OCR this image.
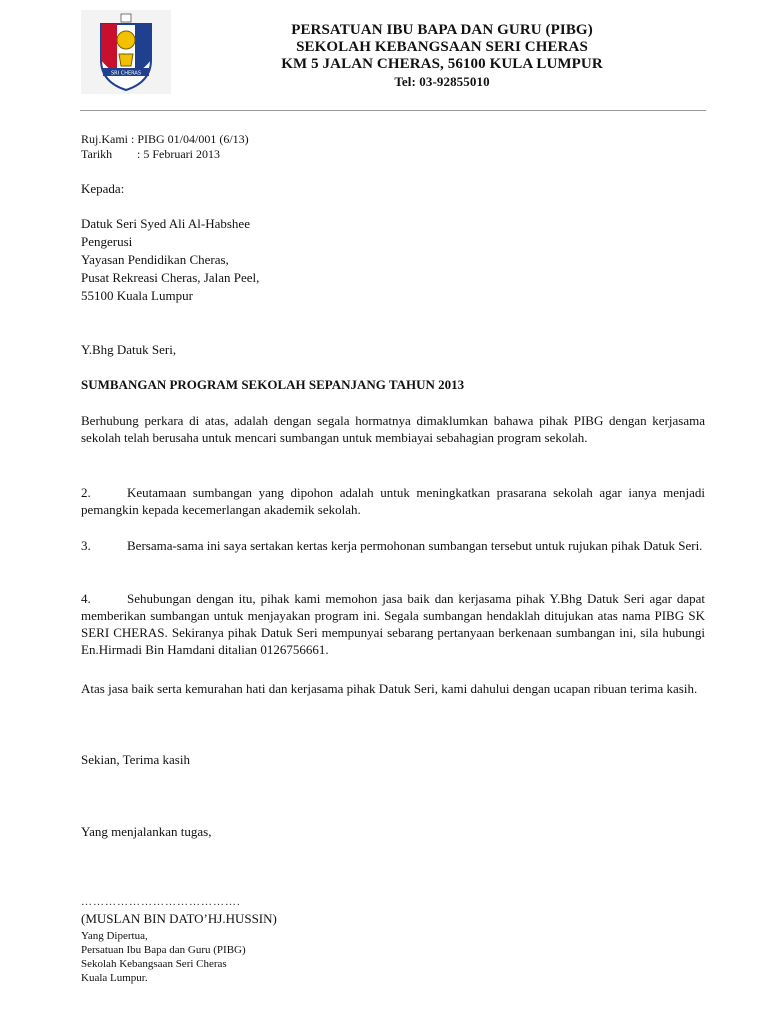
SRI CHERAS
PERSATUAN IBU BAPA DAN GURU (PIBG)
SEKOLAH KEBANGSAAN SERI CHERAS
KM 5 JALAN CHERAS, 56100 KULA LUMPUR
Tel: 03-92855010
Ruj.Kami : PIBG 01/04/001 (6/13)
Tarikh : 5 Februari 2013
Kepada:
Datuk Seri Syed Ali Al-Habshee
Pengerusi
Yayasan Pendidikan Cheras,
Pusat Rekreasi Cheras, Jalan Peel,
55100 Kuala Lumpur
Y.Bhg Datuk Seri,
SUMBANGAN PROGRAM SEKOLAH SEPANJANG TAHUN 2013
Berhubung perkara di atas, adalah dengan segala hormatnya dimaklumkan bahawa pihak PIBG dengan kerjasama sekolah telah berusaha untuk mencari sumbangan untuk membiayai sebahagian program sekolah.
2.	Keutamaan sumbangan yang dipohon adalah untuk meningkatkan prasarana sekolah agar ianya menjadi pemangkin kepada kecemerlangan akademik sekolah.
3.	Bersama-sama ini saya sertakan kertas kerja permohonan sumbangan tersebut untuk rujukan pihak Datuk Seri.
4.	Sehubungan dengan itu, pihak kami memohon jasa baik dan kerjasama pihak Y.Bhg Datuk Seri agar dapat memberikan sumbangan untuk menjayakan program ini. Segala sumbangan hendaklah ditujukan atas nama PIBG SK SERI CHERAS. Sekiranya pihak Datuk Seri mempunyai sebarang pertanyaan berkenaan sumbangan ini, sila hubungi En.Hirmadi Bin Hamdani ditalian 0126756661.
Atas jasa baik serta kemurahan hati dan kerjasama pihak Datuk Seri, kami dahului dengan ucapan ribuan terima kasih.
Sekian, Terima kasih
Yang menjalankan tugas,
………………………………….
(MUSLAN BIN DATO’HJ.HUSSIN)
Yang Dipertua,
Persatuan Ibu Bapa dan Guru (PIBG)
Sekolah Kebangsaan Seri Cheras
Kuala Lumpur.
